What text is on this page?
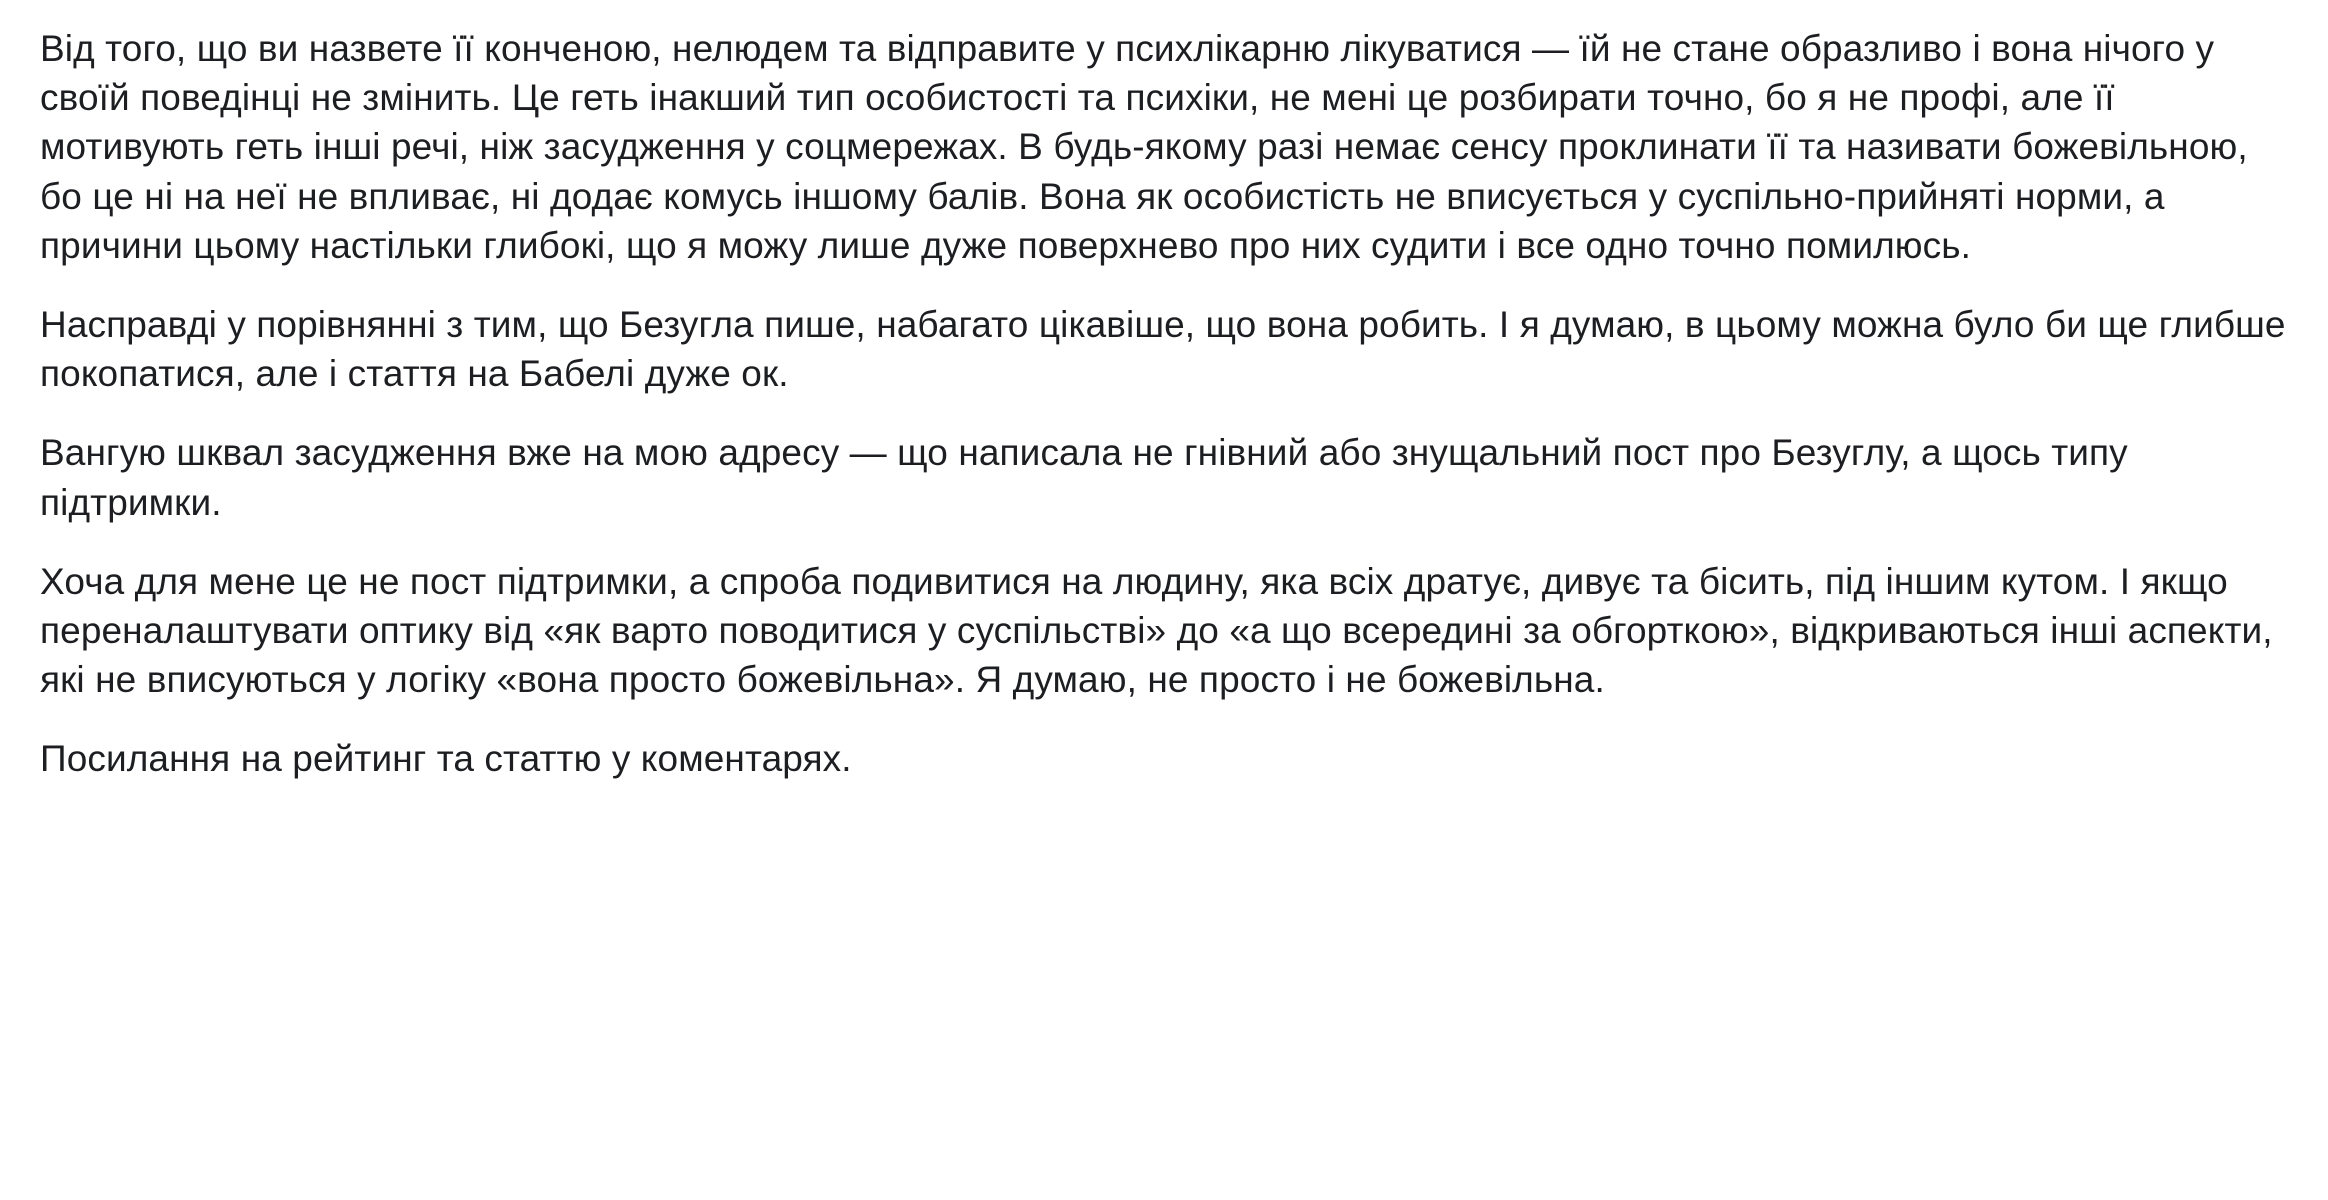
Від того, що ви назвете її конченою, нелюдем та відправите у психлікарню лікуватися — їй не стане образливо і вона нічого у своїй поведінці не змінить. Це геть інакший тип особистості та психіки, не мені це розбирати точно, бо я не профі, але її мотивують геть інші речі, ніж засудження у соцмережах. В будь-якому разі немає сенсу проклинати її та називати божевільною, бо це ні на неї не впливає, ні додає комусь іншому балів. Вона як особистість не вписується у суспільно-прийняті норми, а причини цьому настільки глибокі, що я можу лише дуже поверхнево про них судити і все одно точно помилюсь.

Насправді у порівнянні з тим, що Безугла пише, набагато цікавіше, що вона робить. І я думаю, в цьому можна було би ще глибше покопатися, але і стаття на Бабелі дуже ок.

Вангую шквал засудження вже на мою адресу — що написала не гнівний або знущальний пост про Безуглу, а щось типу підтримки.

Хоча для мене це не пост підтримки, а спроба подивитися на людину, яка всіх дратує, дивує та бісить, під іншим кутом. І якщо переналаштувати оптику від «як варто поводитися у суспільстві» до «а що всередині за обгорткою», відкриваються інші аспекти, які не вписуються у логіку «вона просто божевільна». Я думаю, не просто і не божевільна.

Посилання на рейтинг та статтю у коментарях.
